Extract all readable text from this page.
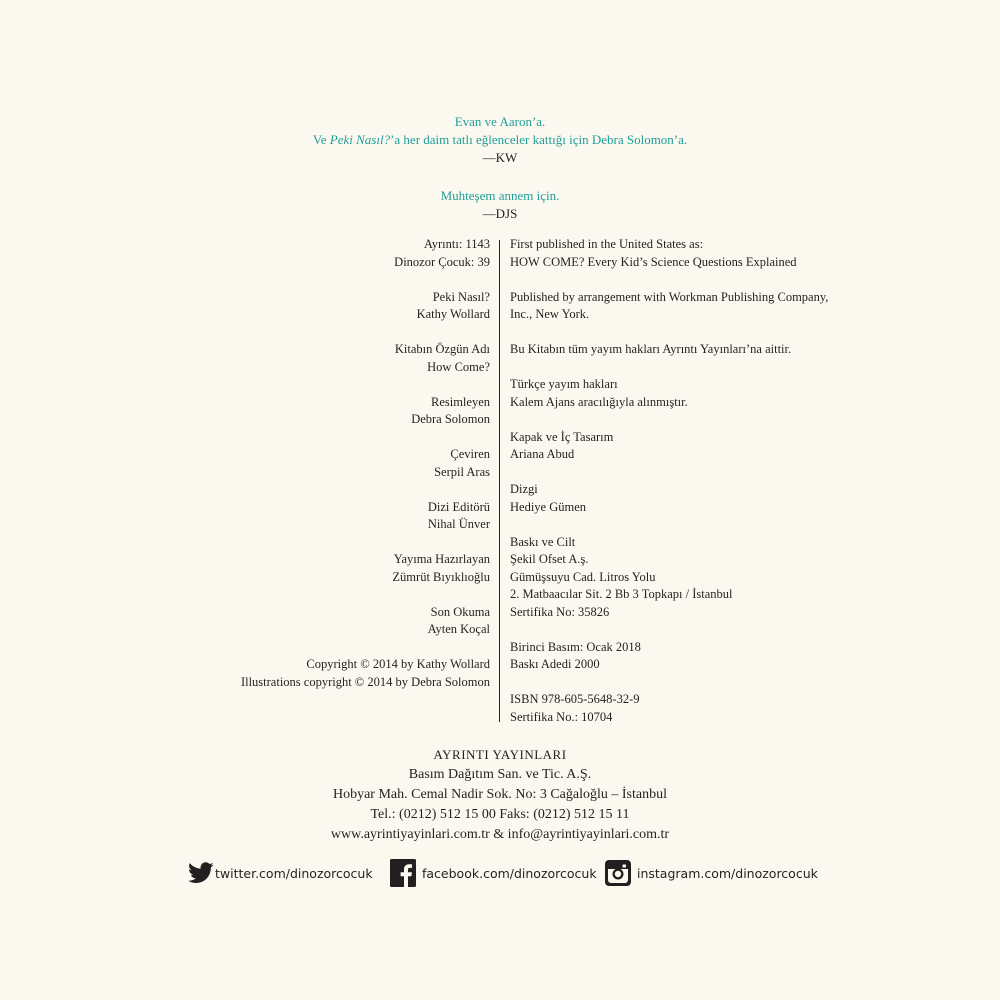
Evan ve Aaron’a.
Ve Peki Nasıl?’a her daim tatlı eğlenceler kattığı için Debra Solomon’a.
—KW
Muhteşem annem için.
—DJS
Ayrıntı: 1143
Dinozor Çocuk: 39
Peki Nasıl?
Kathy Wollard
Kitabın Özgün Adı
How Come?
Resimleyen
Debra Solomon
Çeviren
Serpil Aras
Dizi Editörü
Nihal Ünver
Yayıma Hazırlayan
Zümrüt Bıyıklıoğlu
Son Okuma
Ayten Koçal
Copyright © 2014 by Kathy Wollard
Illustrations copyright © 2014 by Debra Solomon
First published in the United States as:
HOW COME? Every Kid’s Science Questions Explained
Published by arrangement with Workman Publishing Company,
Inc., New York.
Bu Kitabın tüm yayım hakları Ayrıntı Yayınları’na aittir.
Türkçe yayım hakları
Kalem Ajans aracılığıyla alınmıştır.
Kapak ve İç Tasarım
Ariana Abud
Dizgi
Hediye Gümen
Baskı ve Cilt
Şekil Ofset A.ş.
Gümüşsuyu Cad. Litros Yolu
2. Matbaacılar Sit. 2 Bb 3 Topkapı / İstanbul
Sertifika No: 35826
Birinci Basım: Ocak 2018
Baskı Adedi 2000
ISBN 978-605-5648-32-9
Sertifika No.: 10704
AYRINTI YAYINLARI
Basım Dağıtım San. ve Tic. A.Ş.
Hobyar Mah. Cemal Nadir Sok. No: 3 Cağaloğlu – İstanbul
Tel.: (0212) 512 15 00 Faks: (0212) 512 15 11
www.ayrintiyayinlari.com.tr & info@ayrintiyayinlari.com.tr
twitter.com/dinozorcocuk	facebook.com/dinozorcocuk	instagram.com/dinozorcocuk
